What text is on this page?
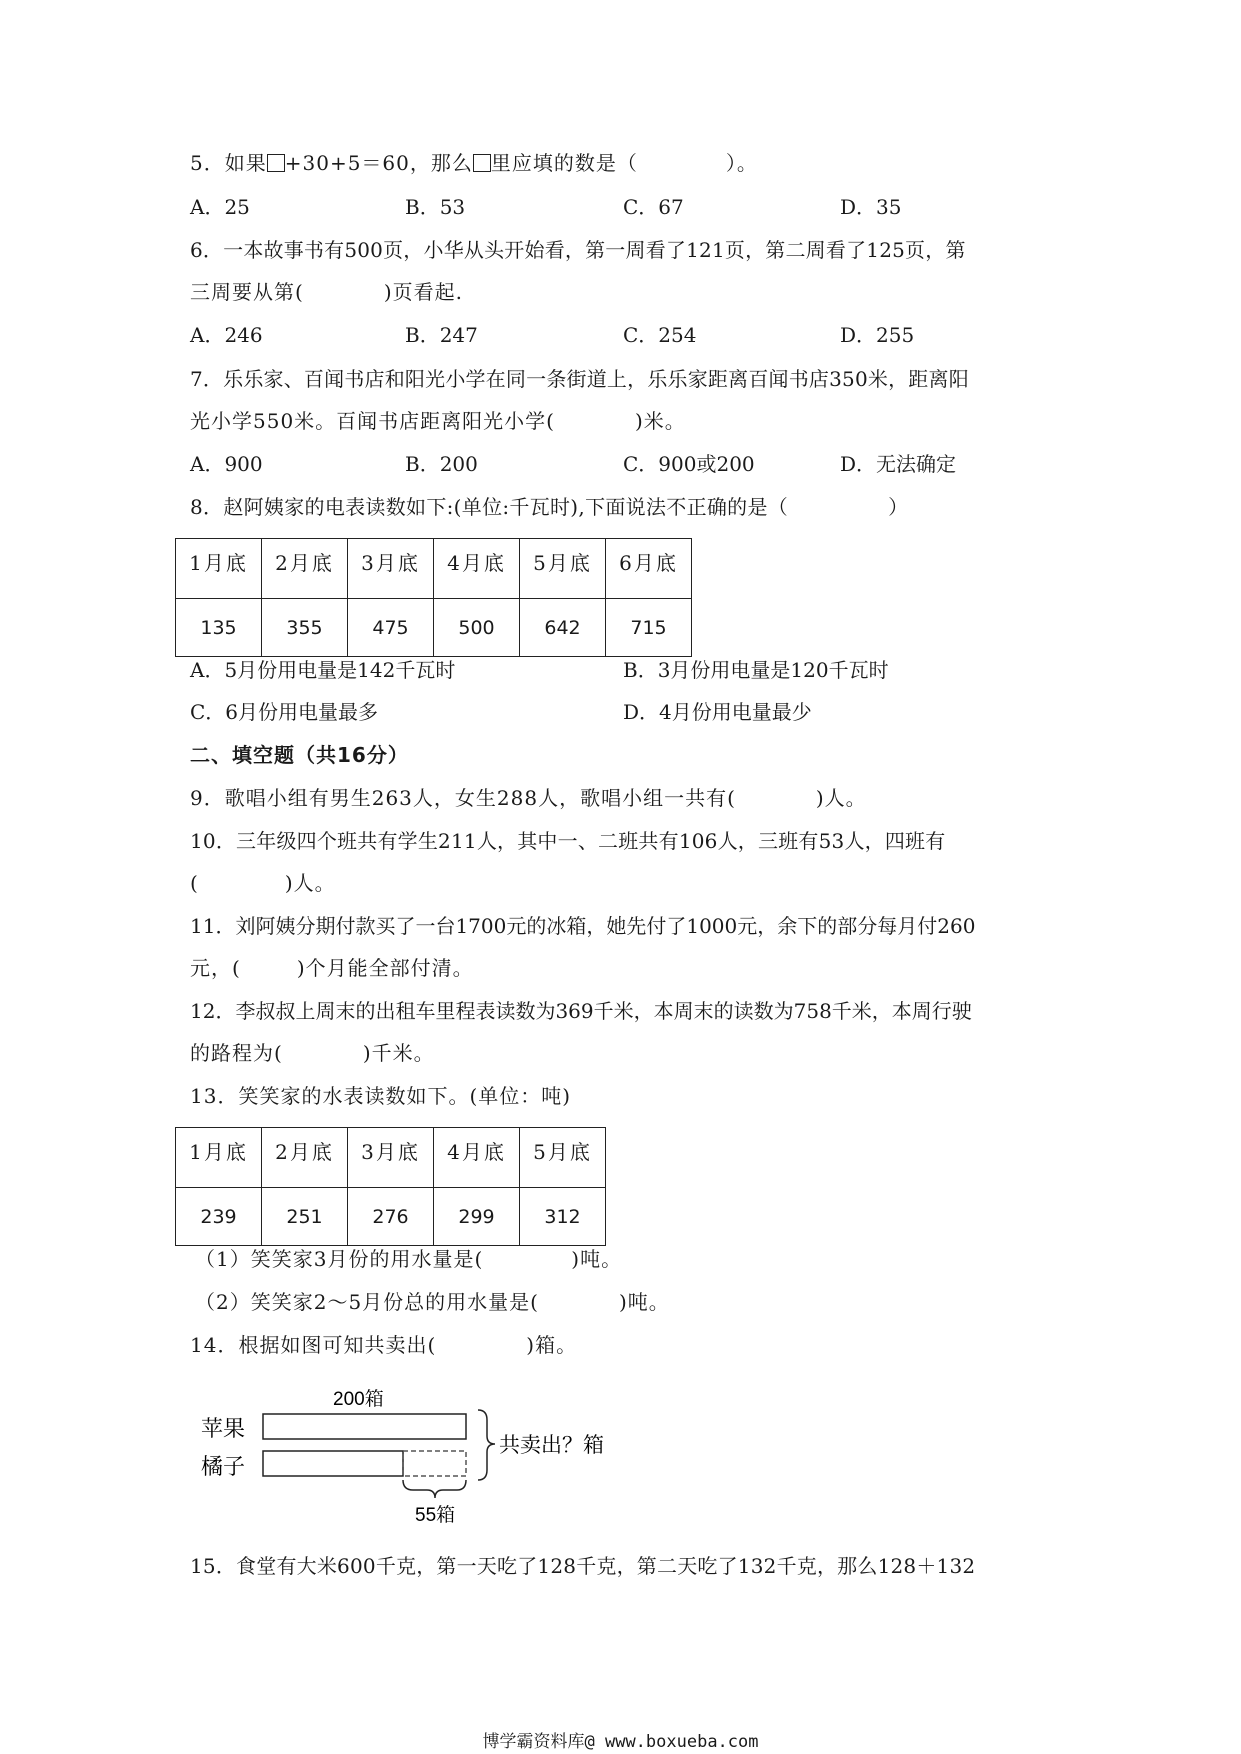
5．如果 +30+5＝60，那么 里应填的数是（	）。
A．25	B．53	C．67	D．35
6．一本故事书有500页，小华从头开始看，第一周看了121页，第二周看了125页，第
三周要从第(	)页看起.
A．246	B．247	C．254	D．255
7．乐乐家、百闻书店和阳光小学在同一条街道上，乐乐家距离百闻书店350米，距离阳
光小学550米。百闻书店距离阳光小学(	)米。
A．900	B．200	C．900或200	D．无法确定
8．赵阿姨家的电表读数如下:(单位:千瓦时),下面说法不正确的是（	）
1月底	2月底	3月底	4月底	5月底	6月底
135	355	475	500	642	715
A．5月份用电量是142千瓦时	B．3月份用电量是120千瓦时
C．6月份用电量最多	D．4月份用电量最少
二、填空题（共16分）
9．歌唱小组有男生263人，女生288人，歌唱小组一共有(	)人。
10．三年级四个班共有学生211人，其中一、二班共有106人，三班有53人，四班有
(	)人。
11．刘阿姨分期付款买了一台1700元的冰箱，她先付了1000元，余下的部分每月付260
元，(	)个月能全部付清。
12．李叔叔上周末的出租车里程表读数为369千米，本周末的读数为758千米，本周行驶
的路程为(	)千米。
13．笑笑家的水表读数如下。(单位：吨)
1月底	2月底	3月底	4月底	5月底
239	251	276	299	312
（1）笑笑家3月份的用水量是(	)吨。
（2）笑笑家2～5月份总的用水量是(	)吨。
14．根据如图可知共卖出(	)箱。
200箱
苹果
橘子
共卖出？箱
55箱
15．食堂有大米600千克，第一天吃了128千克，第二天吃了132千克，那么128＋132
博学霸资料库@ www.boxueba.com
